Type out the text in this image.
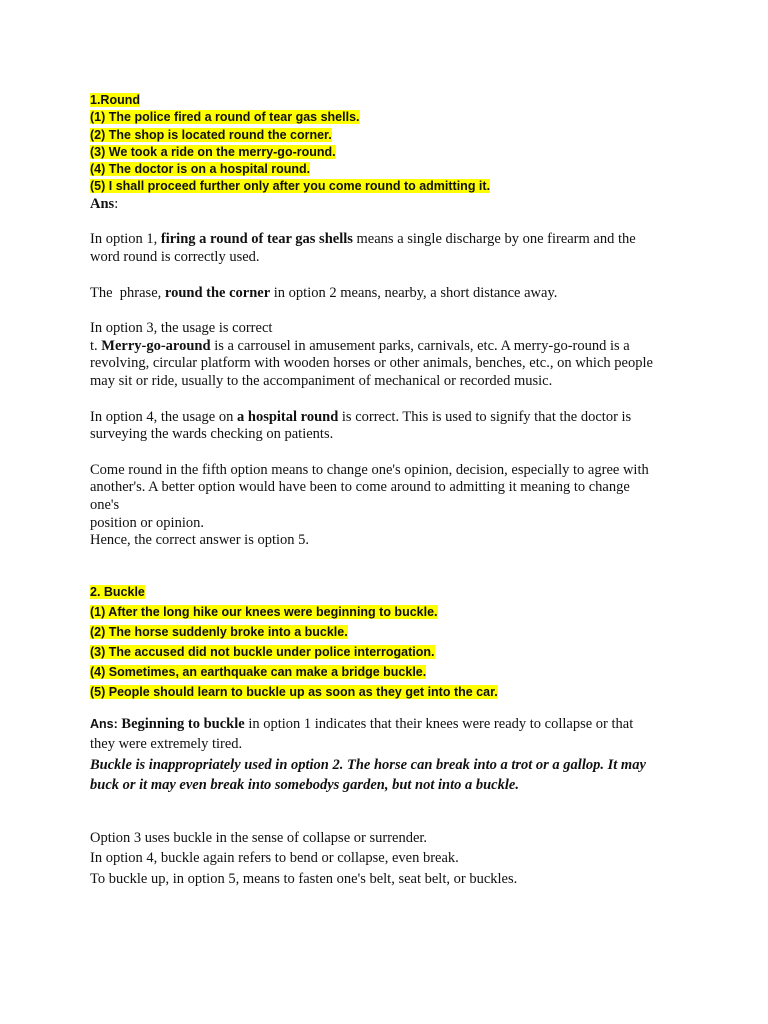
1.Round
(1) The police fired a round of tear gas shells.
(2) The shop is located round the corner.
(3) We took a ride on the merry-go-round.
(4) The doctor is on a hospital round.
(5) I shall proceed further only after you come round to admitting it.

Ans:

In option 1, firing a round of tear gas shells means a single discharge by one firearm and the
word round is correctly used.

The  phrase, round the corner in option 2 means, nearby, a short distance away.

In option 3, the usage is correct
t. Merry-go-around is a carrousel in amusement parks, carnivals, etc. A merry-go-round is a
revolving, circular platform with wooden horses or other animals, benches, etc., on which people
may sit or ride, usually to the accompaniment of mechanical or recorded music.

In option 4, the usage on a hospital round is correct. This is used to signify that the doctor is
surveying the wards checking on patients.

Come round in the fifth option means to change one's opinion, decision, especially to agree with
another's. A better option would have been to come around to admitting it meaning to change
one's
position or opinion.
Hence, the correct answer is option 5.

2. Buckle
(1) After the long hike our knees were beginning to buckle.
(2) The horse suddenly broke into a buckle.
(3) The accused did not buckle under police interrogation.
(4) Sometimes, an earthquake can make a bridge buckle.
(5) People should learn to buckle up as soon as they get into the car.

Ans: Beginning to buckle in option 1 indicates that their knees were ready to collapse or that
they were extremely tired.

Buckle is inappropriately used in option 2. The horse can break into a trot or a gallop. It may
buck or it may even break into somebodys garden, but not into a buckle.

Option 3 uses buckle in the sense of collapse or surrender.

In option 4, buckle again refers to bend or collapse, even break.

To buckle up, in option 5, means to fasten one's belt, seat belt, or buckles.
